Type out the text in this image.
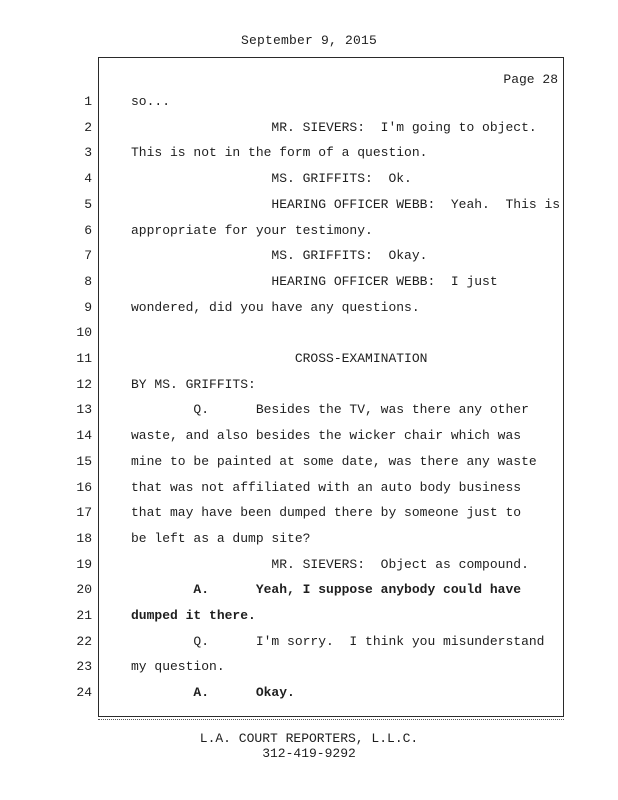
September 9, 2015
Page 28
1	so...
2	MR. SIEVERS:  I'm going to object.
3	This is not in the form of a question.
4	MS. GRIFFITS:  Ok.
5	HEARING OFFICER WEBB:  Yeah.  This is
6	appropriate for your testimony.
7	MS. GRIFFITS:  Okay.
8	HEARING OFFICER WEBB:  I just
9	wondered, did you have any questions.
10
11	CROSS-EXAMINATION
12	BY MS. GRIFFITS:
13	Q.      Besides the TV, was there any other
14	waste, and also besides the wicker chair which was
15	mine to be painted at some date, was there any waste
16	that was not affiliated with an auto body business
17	that may have been dumped there by someone just to
18	be left as a dump site?
19	MR. SIEVERS:  Object as compound.
20	A.      Yeah, I suppose anybody could have
21	dumped it there.
22	Q.      I'm sorry.  I think you misunderstand
23	my question.
24	A.      Okay.
L.A. COURT REPORTERS, L.L.C.
312-419-9292
